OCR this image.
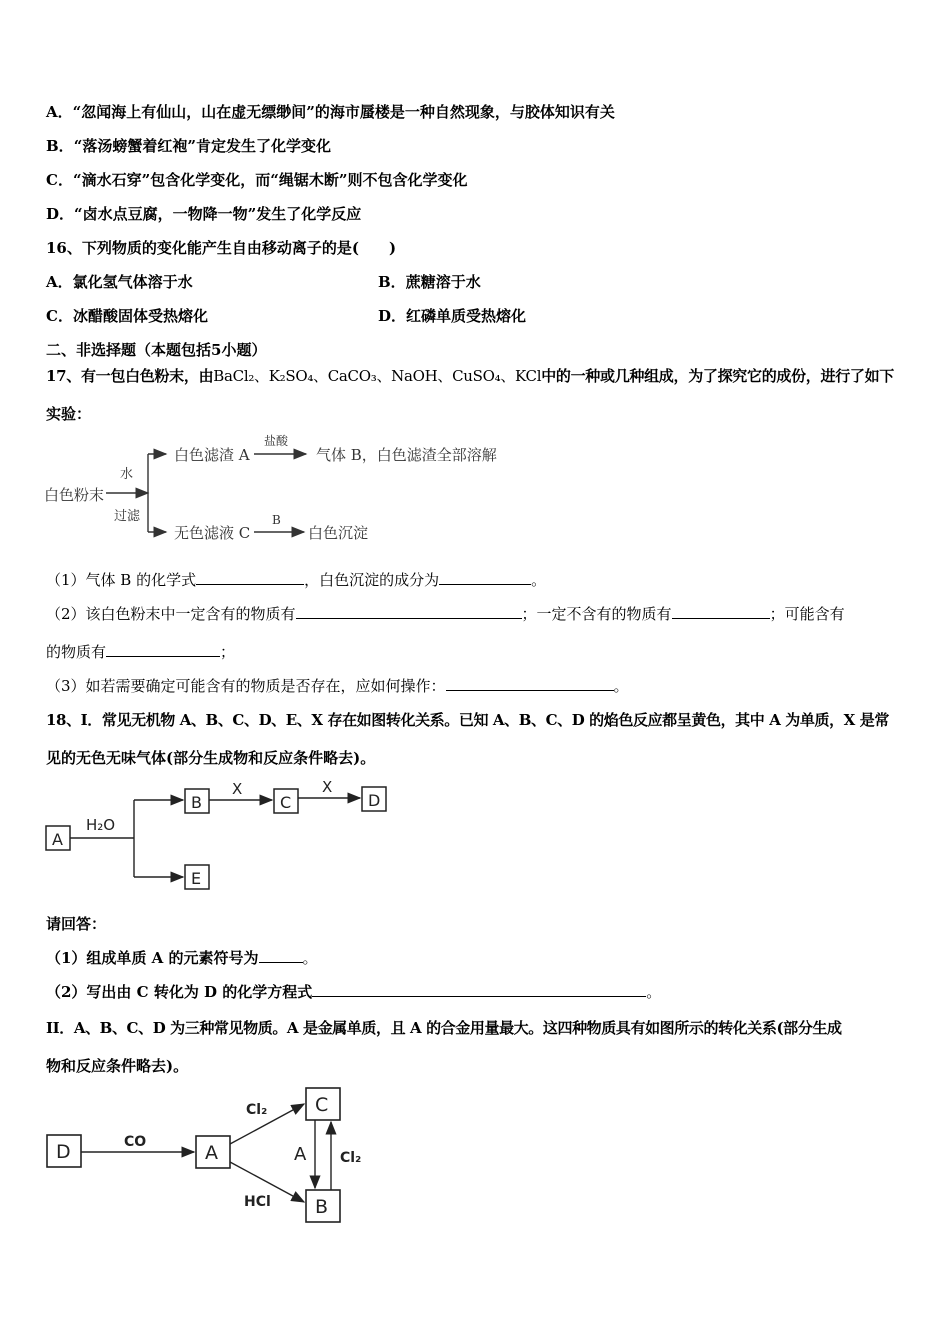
A．“忽闻海上有仙山，山在虚无缥缈间”的海市蜃楼是一种自然现象，与胶体知识有关
B．“落汤螃蟹着红袍”肯定发生了化学变化
C．“滴水石穿”包含化学变化，而“绳锯木断”则不包含化学变化
D．“卤水点豆腐，一物降一物”发生了化学反应
16、下列物质的变化能产生自由移动离子的是(　　)
A．氯化氢气体溶于水	B．蔗糖溶于水
C．冰醋酸固体受热熔化	D．红磷单质受热熔化
二、非选择题（本题包括5小题）
17、有一包白色粉末，由BaCl₂、K₂SO₄、CaCO₃、NaOH、CuSO₄、KCl中的一种或几种组成，为了探究它的成份，进行了如下
实验：
白色粉末
水
过滤
白色滤渣 A
盐酸
气体 B，白色滤渣全部溶解
无色滤液 C
B
白色沉淀
（1）气体 B 的化学式	，白色沉淀的成分为	。
（2）该白色粉末中一定含有的物质有	；一定不含有的物质有	；可能含有
的物质有	；
（3）如若需要确定可能含有的物质是否存在，应如何操作：	。
18、I．常见无机物 A、B、C、D、E、X 存在如图转化关系。已知 A、B、C、D 的焰色反应都呈黄色，其中 A 为单质，X 是常
见的无色无味气体(部分生成物和反应条件略去)。
A
H₂O
B
X
C
X
D
E
请回答：
（1）组成单质 A 的元素符号为	。
（2）写出由 C 转化为 D 的化学方程式	。
II．A、B、C、D 为三种常见物质。A 是金属单质，且 A 的合金用量最大。这四种物质具有如图所示的转化关系(部分生成
物和反应条件略去)。
D	CO	A
Cl₂
HCl
C
B
A Cl₂
